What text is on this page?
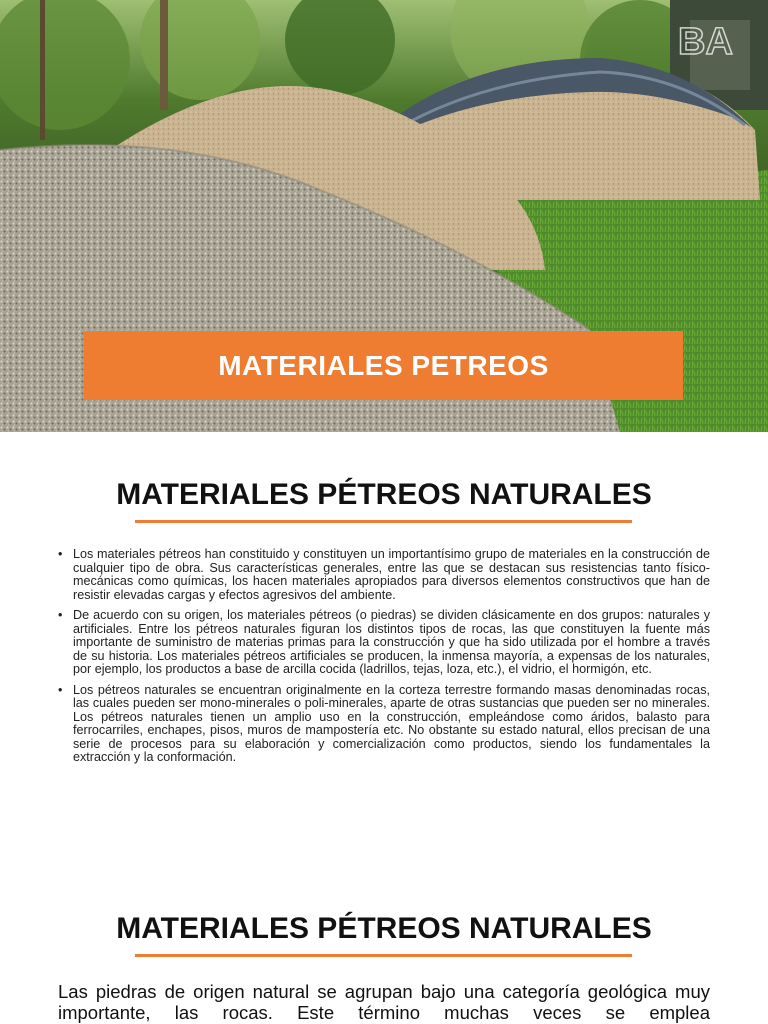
BA
MATERIALES PETREOS
MATERIALES PÉTREOS NATURALES
• Los materiales pétreos han constituido y constituyen un importantísimo grupo de materiales en la construcción de cualquier tipo de obra. Sus características generales, entre las que se destacan sus resistencias tanto físico-mecánicas como químicas, los hacen materiales apropiados para diversos elementos constructivos que han de resistir elevadas cargas y efectos agresivos del ambiente.
• De acuerdo con su origen, los materiales pétreos (o piedras) se dividen clásicamente en dos grupos: naturales y artificiales. Entre los pétreos naturales figuran los distintos tipos de rocas, las que constituyen la fuente más importante de suministro de materias primas para la construcción y que ha sido utilizada por el hombre a través de su historia. Los materiales pétreos artificiales se producen, la inmensa mayoría, a expensas de los naturales, por ejemplo, los productos a base de arcilla cocida (ladrillos, tejas, loza, etc.), el vidrio, el hormigón, etc.
• Los pétreos naturales se encuentran originalmente en la corteza terrestre formando masas denominadas rocas, las cuales pueden ser mono-minerales o poli-minerales, aparte de otras sustancias que pueden ser no minerales. Los pétreos naturales tienen un amplio uso en la construcción, empleándose como áridos, balasto para ferrocarriles, enchapes, pisos, muros de mampostería etc. No obstante su estado natural, ellos precisan de una serie de procesos para su elaboración y comercialización como productos, siendo los fundamentales la extracción y la conformación.
MATERIALES PÉTREOS NATURALES

Las piedras de origen natural se agrupan bajo una categoría geológica muy importante, las rocas. Este término muchas veces se emplea
